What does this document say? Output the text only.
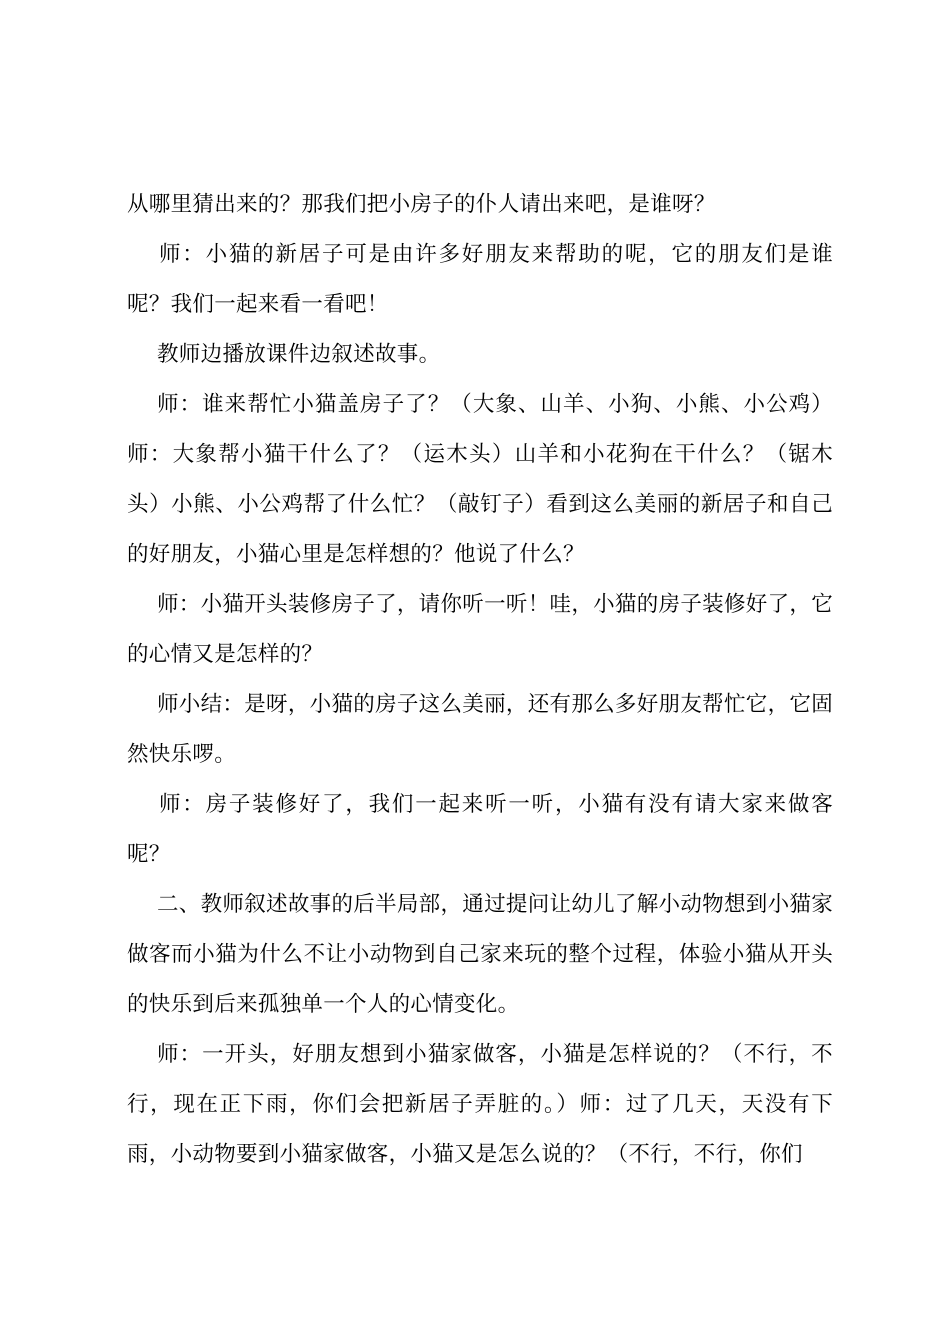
从哪里猜出来的？那我们把小房子的仆人请出来吧，是谁呀？

师：小猫的新居子可是由许多好朋友来帮助的呢，它的朋友们是谁呢？我们一起来看一看吧！

教师边播放课件边叙述故事。

师：谁来帮忙小猫盖房子了？（大象、山羊、小狗、小熊、小公鸡）师：大象帮小猫干什么了？（运木头）山羊和小花狗在干什么？（锯木头）小熊、小公鸡帮了什么忙？（敲钉子）看到这么美丽的新居子和自己的好朋友，小猫心里是怎样想的？他说了什么？

师：小猫开头装修房子了，请你听一听！哇，小猫的房子装修好了，它的心情又是怎样的？

师小结：是呀，小猫的房子这么美丽，还有那么多好朋友帮忙它，它固然快乐啰。

师：房子装修好了，我们一起来听一听，小猫有没有请大家来做客呢？

二、教师叙述故事的后半局部，通过提问让幼儿了解小动物想到小猫家做客而小猫为什么不让小动物到自己家来玩的整个过程，体验小猫从开头的快乐到后来孤独单一个人的心情变化。

师：一开头，好朋友想到小猫家做客，小猫是怎样说的？（不行，不行，现在正下雨，你们会把新居子弄脏的。）师：过了几天，天没有下雨，小动物要到小猫家做客，小猫又是怎么说的？（不行，不行，你们
